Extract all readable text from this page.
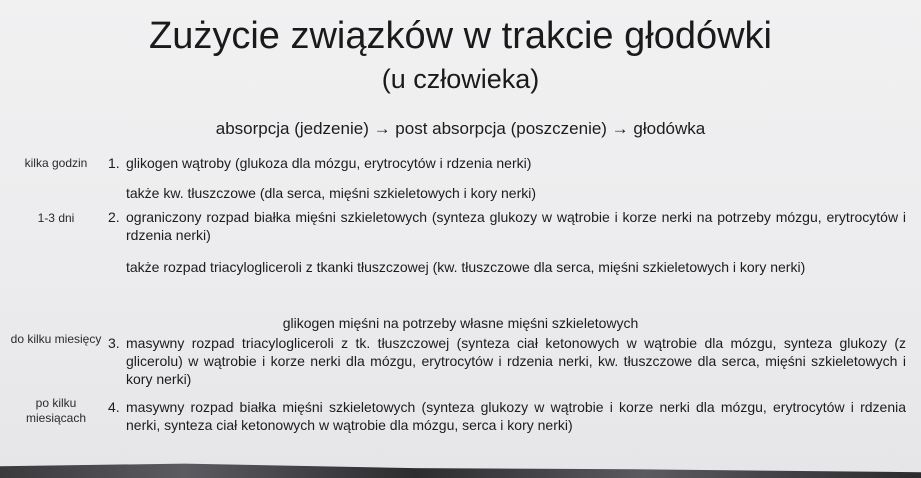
Zużycie związków w trakcie głodówki
(u człowieka)
absorpcja (jedzenie) → post absorpcja (poszczenie) → głodówka
kilka godzin	1. glikogen wątroby (glukoza dla mózgu, erytrocytów i rdzenia nerki)
także kw. tłuszczowe (dla serca, mięśni szkieletowych i kory nerki)
1-3 dni	2. ograniczony rozpad białka mięśni szkieletowych (synteza glukozy w wątrobie i korze nerki na potrzeby mózgu, erytrocytów i rdzenia nerki)
także rozpad triacylogliceroli z tkanki tłuszczowej (kw. tłuszczowe dla serca, mięśni szkieletowych i kory nerki)
glikogen mięśni na potrzeby własne mięśni szkieletowych
do kilku miesięcy 3. masywny rozpad triacylogliceroli z tk. tłuszczowej (synteza ciał ketonowych w wątrobie dla mózgu, synteza glukozy (z glicerolu) w wątrobie i korze nerki dla mózgu, erytrocytów i rdzenia nerki, kw. tłuszczowe dla serca, mięśni szkieletowych i kory nerki)
po kilku miesiącach
4. masywny rozpad białka mięśni szkieletowych (synteza glukozy w wątrobie i korze nerki dla mózgu, erytrocytów i rdzenia nerki, synteza ciał ketonowych w wątrobie dla mózgu, serca i kory nerki)
